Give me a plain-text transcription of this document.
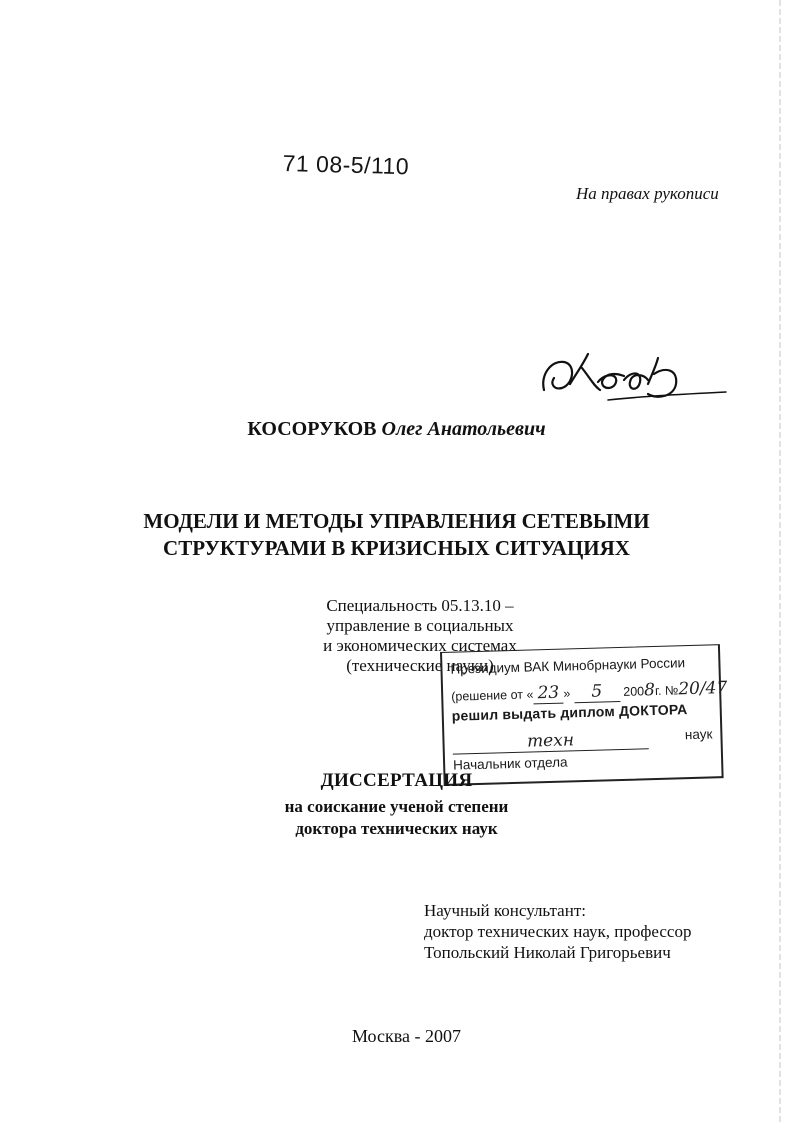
71 08-5/110
На правах рукописи
КОСОРУКОВ Олег Анатольевич
МОДЕЛИ И МЕТОДЫ УПРАВЛЕНИЯ СЕТЕВЫМИ
СТРУКТУРАМИ В КРИЗИСНЫХ СИТУАЦИЯХ
Специальность 05.13.10 –
управление в социальных
и экономических системах
(технические науки)
Президиум ВАК Минобрнауки России
(решение от « 23 » 5 2008г. №20/47
решил выдать диплом ДОКТОРА
техн	наук
Начальник отдела
ДИССЕРТАЦИЯ
на соискание ученой степени
доктора технических наук
Научный консультант:
доктор технических наук, профессор
Топольский Николай Григорьевич
Москва - 2007
